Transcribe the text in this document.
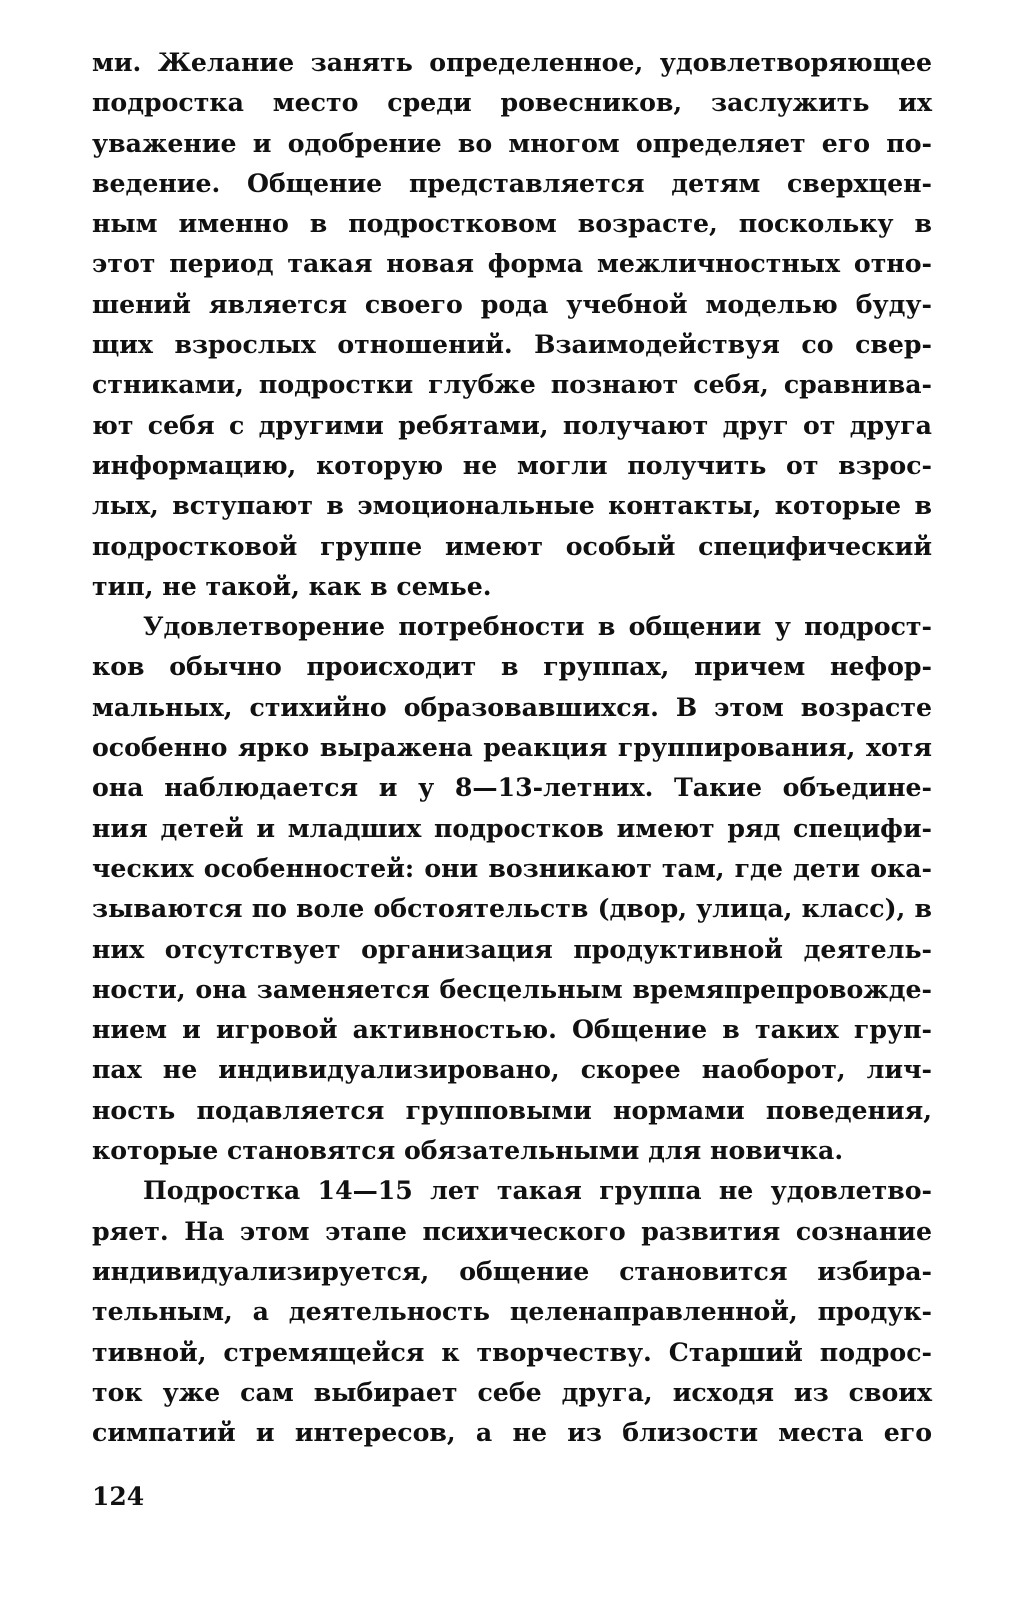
ми. Желание занять определенное, удовлетворяющее
подростка место среди ровесников, заслужить их
уважение и одобрение во многом определяет его по-
ведение. Общение представляется детям сверхцен-
ным именно в подростковом возрасте, поскольку в
этот период такая новая форма межличностных отно-
шений является своего рода учебной моделью буду-
щих взрослых отношений. Взаимодействуя со свер-
стниками, подростки глубже познают себя, сравнива-
ют себя с другими ребятами, получают друг от друга
информацию, которую не могли получить от взрос-
лых, вступают в эмоциональные контакты, которые в
подростковой группе имеют особый специфический
тип, не такой, как в семье.
Удовлетворение потребности в общении у подрост-
ков обычно происходит в группах, причем нефор-
мальных, стихийно образовавшихся. В этом возрасте
особенно ярко выражена реакция группирования, хотя
она наблюдается и у 8—13-летних. Такие объедине-
ния детей и младших подростков имеют ряд специфи-
ческих особенностей: они возникают там, где дети ока-
зываются по воле обстоятельств (двор, улица, класс), в
них отсутствует организация продуктивной деятель-
ности, она заменяется бесцельным времяпрепровожде-
нием и игровой активностью. Общение в таких груп-
пах не индивидуализировано, скорее наоборот, лич-
ность подавляется групповыми нормами поведения,
которые становятся обязательными для новичка.
Подростка 14—15 лет такая группа не удовлетво-
ряет. На этом этапе психического развития сознание
индивидуализируется, общение становится избира-
тельным, а деятельность целенаправленной, продук-
тивной, стремящейся к творчеству. Старший подрос-
ток уже сам выбирает себе друга, исходя из своих
симпатий и интересов, а не из близости места его
124
